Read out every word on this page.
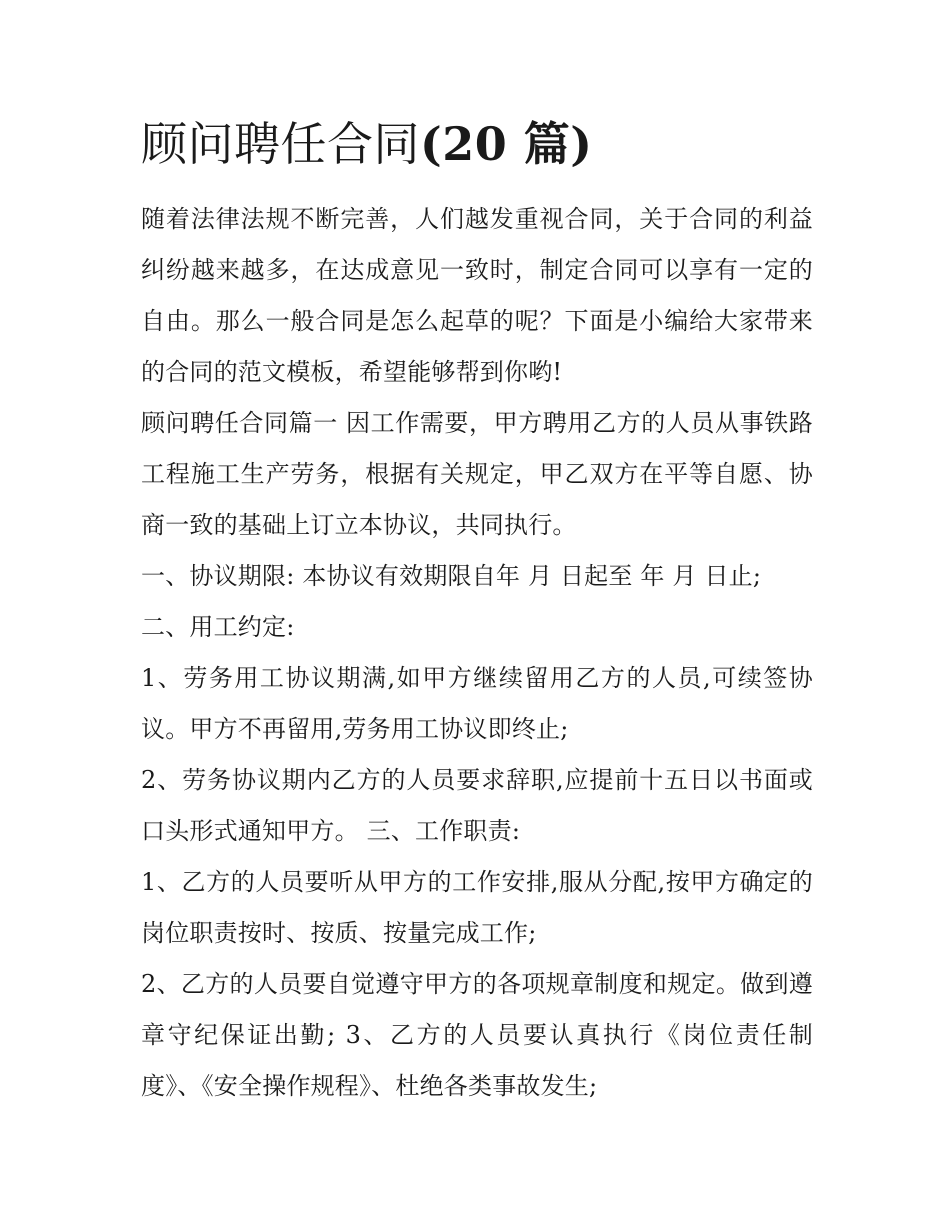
顾问聘任合同(20 篇)

随着法律法规不断完善，人们越发重视合同，关于合同的利益纠纷越来越多，在达成意见一致时，制定合同可以享有一定的自由。那么一般合同是怎么起草的呢？下面是小编给大家带来的合同的范文模板，希望能够帮到你哟!

顾问聘任合同篇一 因工作需要，甲方聘用乙方的人员从事铁路工程施工生产劳务，根据有关规定，甲乙双方在平等自愿、协商一致的基础上订立本协议，共同执行。

一、协议期限: 本协议有效期限自年 月 日起至 年 月 日止;

二、用工约定:

1、劳务用工协议期满,如甲方继续留用乙方的人员,可续签协议。甲方不再留用,劳务用工协议即终止;

2、劳务协议期内乙方的人员要求辞职,应提前十五日以书面或口头形式通知甲方。 三、工作职责:

1、乙方的人员要听从甲方的工作安排,服从分配,按甲方确定的岗位职责按时、按质、按量完成工作;

2、乙方的人员要自觉遵守甲方的各项规章制度和规定。做到遵章守纪保证出勤; 3、乙方的人员要认真执行《岗位责任制度》、《安全操作规程》、杜绝各类事故发生;
